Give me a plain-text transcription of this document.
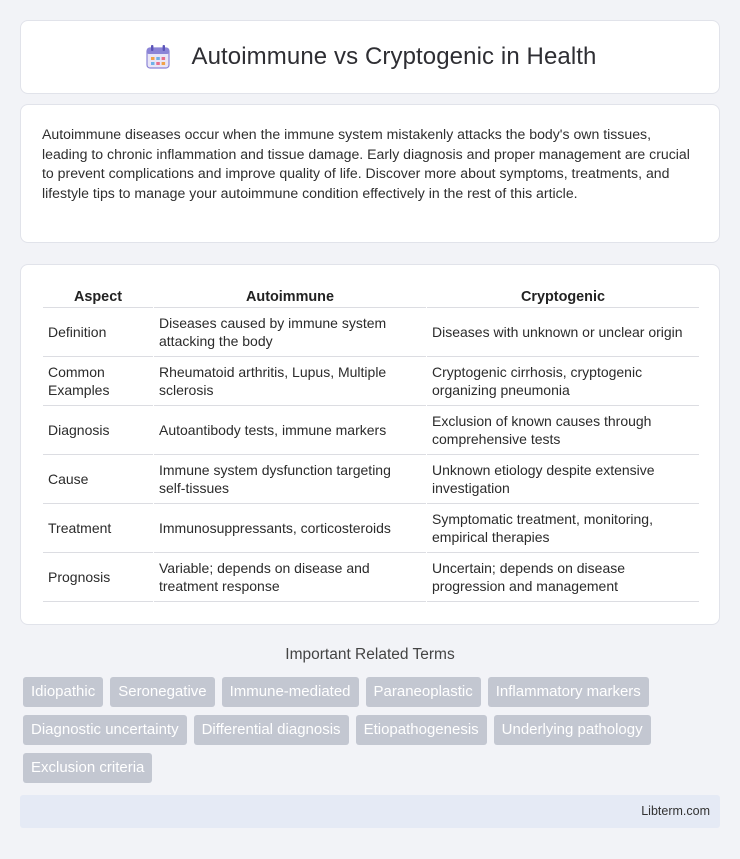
Autoimmune vs Cryptogenic in Health

Autoimmune diseases occur when the immune system mistakenly attacks the body's own tissues, leading to chronic inflammation and tissue damage. Early diagnosis and proper management are crucial to prevent complications and improve quality of life. Discover more about symptoms, treatments, and lifestyle tips to manage your autoimmune condition effectively in the rest of this article.

Aspect	Autoimmune	Cryptogenic
Definition	Diseases caused by immune system attacking the body	Diseases with unknown or unclear origin
Common Examples	Rheumatoid arthritis, Lupus, Multiple sclerosis	Cryptogenic cirrhosis, cryptogenic organizing pneumonia
Diagnosis	Autoantibody tests, immune markers	Exclusion of known causes through comprehensive tests
Cause	Immune system dysfunction targeting self-tissues	Unknown etiology despite extensive investigation
Treatment	Immunosuppressants, corticosteroids	Symptomatic treatment, monitoring, empirical therapies
Prognosis	Variable; depends on disease and treatment response	Uncertain; depends on disease progression and management
Important Related Terms
Idiopathic	Seronegative	Immune-mediated	Paraneoplastic	Inflammatory markers
Diagnostic uncertainty	Differential diagnosis	Etiopathogenesis	Underlying pathology
Exclusion criteria
Libterm.com
